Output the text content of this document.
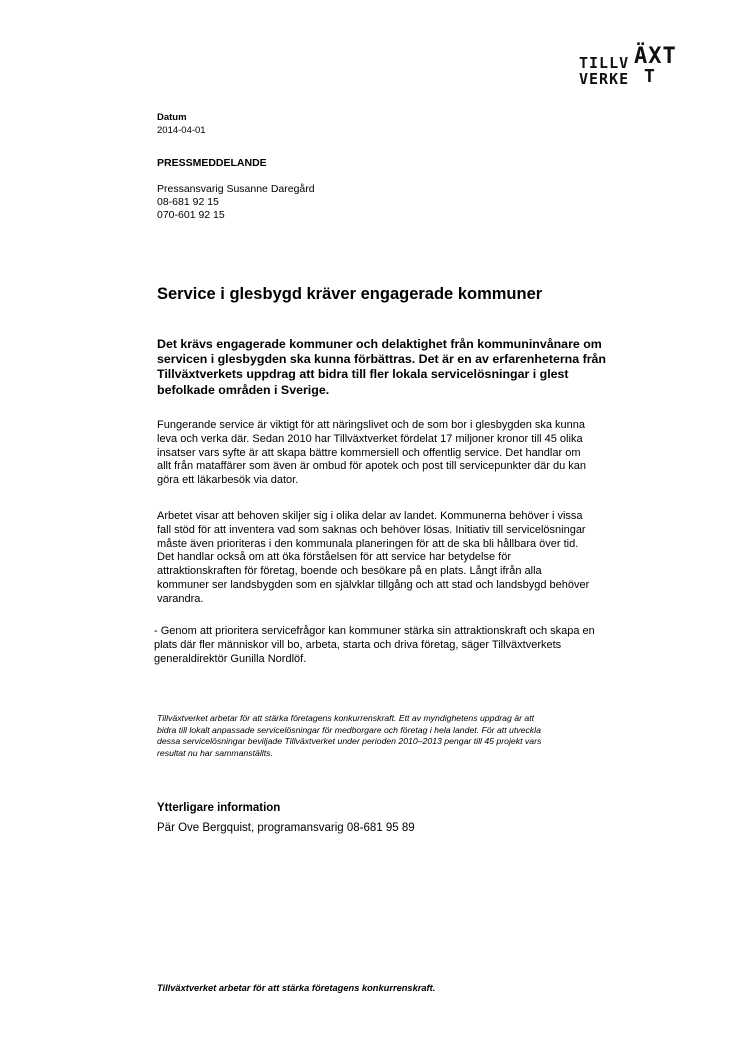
TILLV ÄXT
VERKE T
Datum
2014-04-01
PRESSMEDDELANDE
Pressansvarig Susanne Daregård
08-681 92 15
070-601 92 15
Service i glesbygd kräver engagerade kommuner
Det krävs engagerade kommuner och delaktighet från kommuninvånare om
servicen i glesbygden ska kunna förbättras. Det är en av erfarenheterna från
Tillväxtverkets uppdrag att bidra till fler lokala servicelösningar i glest
befolkade områden i Sverige.
Fungerande service är viktigt för att näringslivet och de som bor i glesbygden ska kunna
leva och verka där. Sedan 2010 har Tillväxtverket fördelat 17 miljoner kronor till 45 olika
insatser vars syfte är att skapa bättre kommersiell och offentlig service. Det handlar om
allt från mataffärer som även är ombud för apotek och post till servicepunkter där du kan
göra ett läkarbesök via dator.
Arbetet visar att behoven skiljer sig i olika delar av landet. Kommunerna behöver i vissa
fall stöd för att inventera vad som saknas och behöver lösas. Initiativ till servicelösningar
måste även prioriteras i den kommunala planeringen för att de ska bli hållbara över tid.
Det handlar också om att öka förståelsen för att service har betydelse för
attraktionskraften för företag, boende och besökare på en plats. Långt ifrån alla
kommuner ser landsbygden som en självklar tillgång och att stad och landsbygd behöver
varandra.
- Genom att prioritera servicefrågor kan kommuner stärka sin attraktionskraft och skapa en
plats där fler människor vill bo, arbeta, starta och driva företag, säger Tillväxtverkets
generaldirektör Gunilla Nordlöf.
Tillväxtverket arbetar för att stärka företagens konkurrenskraft. Ett av myndighetens uppdrag är att
bidra till lokalt anpassade servicelösningar för medborgare och företag i hela landet. För att utveckla
dessa servicelösningar beviljade Tillväxtverket under perioden 2010–2013 pengar till 45 projekt vars
resultat nu har sammanställts.
Ytterligare information
Pär Ove Bergquist, programansvarig 08-681 95 89
Tillväxtverket arbetar för att stärka företagens konkurrenskraft.
